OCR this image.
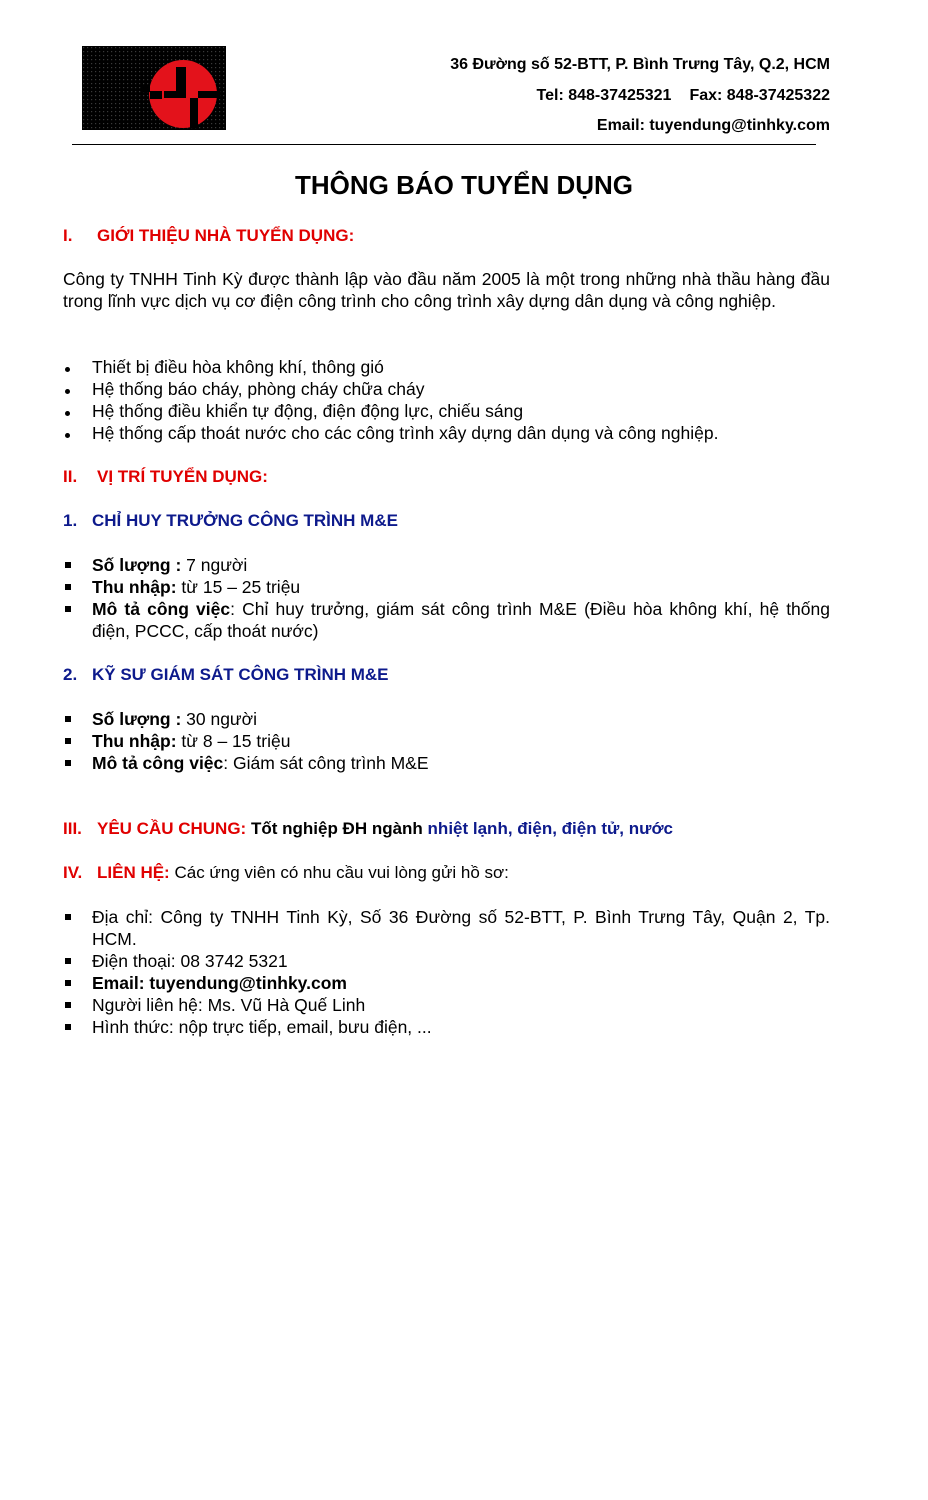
36 Đường số 52-BTT, P. Bình Trưng Tây, Q.2, HCM
Tel: 848-37425321 Fax: 848-37425322
Email: tuyendung@tinhky.com
THÔNG BÁO TUYỂN DỤNG
I. GIỚI THIỆU NHÀ TUYỂN DỤNG:
Công ty TNHH Tinh Kỳ được thành lập vào đầu năm 2005 là một trong những nhà thầu hàng đầu trong lĩnh vực dịch vụ cơ điện công trình cho công trình xây dựng dân dụng và công nghiệp.
Thiết bị điều hòa không khí, thông gió
Hệ thống báo cháy, phòng cháy chữa cháy
Hệ thống điều khiển tự động, điện động lực, chiếu sáng
Hệ thống cấp thoát nước cho các công trình xây dựng dân dụng và công nghiệp.
II. VỊ TRÍ TUYỂN DỤNG:
1. CHỈ HUY TRƯỞNG CÔNG TRÌNH M&E
Số lượng : 7 người
Thu nhập: từ 15 – 25 triệu
Mô tả công việc: Chỉ huy trưởng, giám sát công trình M&E (Điều hòa không khí, hệ thống điện, PCCC, cấp thoát nước)
2. KỸ SƯ GIÁM SÁT CÔNG TRÌNH M&E
Số lượng : 30 người
Thu nhập: từ 8 – 15 triệu
Mô tả công việc: Giám sát công trình M&E
III. YÊU CẦU CHUNG: Tốt nghiệp ĐH ngành nhiệt lạnh, điện, điện tử, nước
IV. LIÊN HỆ: Các ứng viên có nhu cầu vui lòng gửi hồ sơ:
Địa chỉ: Công ty TNHH Tinh Kỳ, Số 36 Đường số 52-BTT, P. Bình Trưng Tây, Quận 2, Tp. HCM.
Điện thoại: 08 3742 5321
Email: tuyendung@tinhky.com
Người liên hệ: Ms. Vũ Hà Quế Linh
Hình thức: nộp trực tiếp, email, bưu điện, ...
